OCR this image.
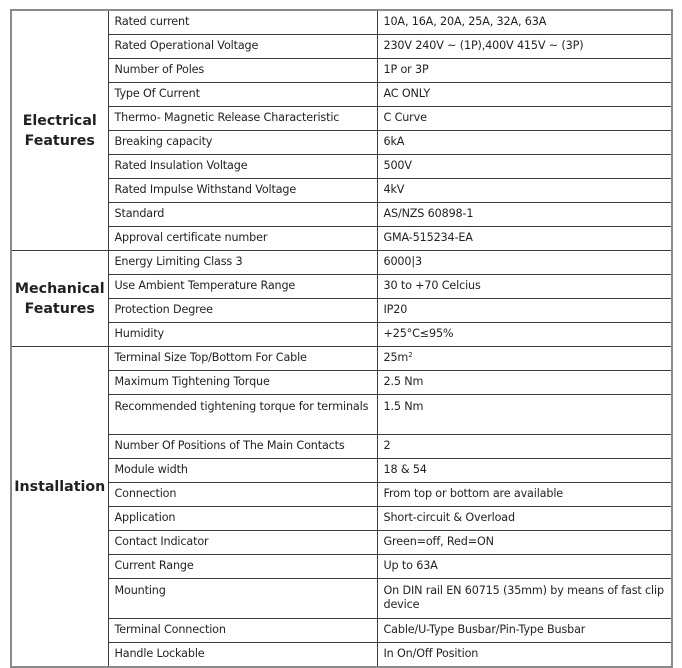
Electrical
Features	Rated current	10A, 16A, 20A, 25A, 32A, 63A
	Rated Operational Voltage	230V 240V ~ (1P),400V 415V ~ (3P)
	Number of Poles	1P or 3P
	Type Of Current	AC ONLY
	Thermo- Magnetic Release Characteristic	C Curve
	Breaking capacity	6kA
	Rated Insulation Voltage	500V
	Rated Impulse Withstand Voltage	4kV
	Standard	AS/NZS 60898-1
	Approval certificate number	GMA-515234-EA
Mechanical
Features	Energy Limiting Class 3	6000|3
	Use Ambient Temperature Range	30 to +70 Celcius
	Protection Degree	IP20
	Humidity	+25°C≤95%
Installation	Terminal Size Top/Bottom For Cable	$25m^2$
	Maximum Tightening Torque	2.5 Nm
	Recommended tightening torque for terminals	1.5 Nm
	Number Of Positions of The Main Contacts	2
	Module width	18 & 54
	Connection	From top or bottom are available
	Application	Short-circuit & Overload
	Contact Indicator	Green=off, Red=ON
	Current Range	Up to 63A
	Mounting	On DIN rail EN 60715 (35mm) by means of fast clip device
	Terminal Connection	Cable/U-Type Busbar/Pin-Type Busbar
	Handle Lockable	In On/Off Position
